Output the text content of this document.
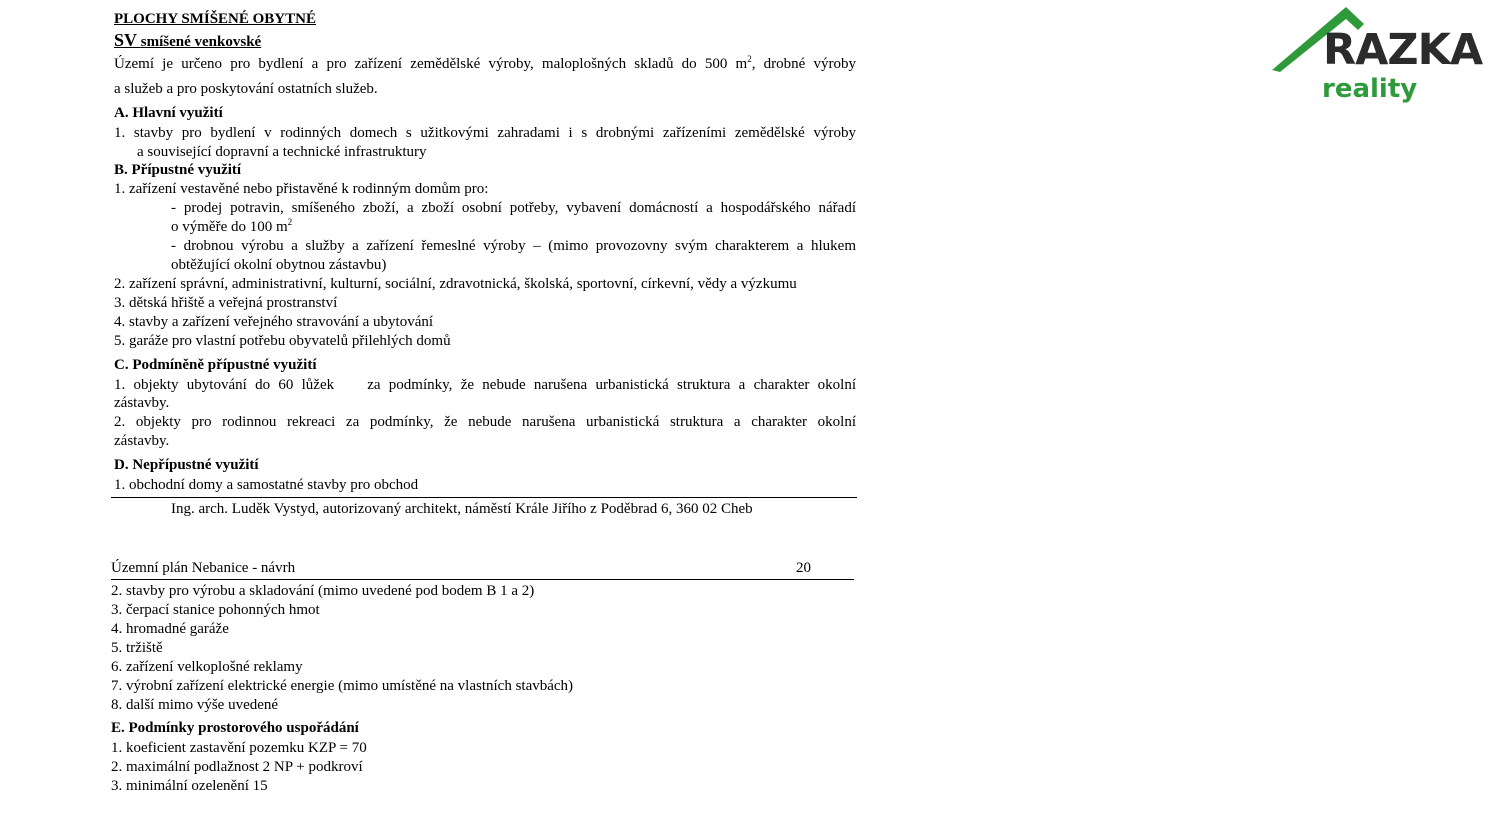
RAZKA
reality
PLOCHY SMÍŠENÉ OBYTNÉ
SV smíšené venkovské
Území je určeno pro bydlení a pro zařízení zemědělské výroby, maloplošných skladů do 500 $m^2$, drobné výroby
a služeb a pro poskytování ostatních služeb.
A. Hlavní využití
1. stavby pro bydlení v rodinných domech s užitkovými zahradami i s drobnými zařízeními zemědělské výroby
a související dopravní a technické infrastruktury
B. Přípustné využití
1. zařízení vestavěné nebo přistavěné k rodinným domům pro:
- prodej potravin, smíšeného zboží, a zboží osobní potřeby, vybavení domácností a hospodářského nářadí
o výměře do 100 $m^2$
- drobnou výrobu a služby a zařízení řemeslné výroby – (mimo provozovny svým charakterem a hlukem
obtěžující okolní obytnou zástavbu)
2. zařízení správní, administrativní, kulturní, sociální, zdravotnická, školská, sportovní, církevní, vědy a výzkumu
3. dětská hřiště a veřejná prostranství
4. stavby a zařízení veřejného stravování a ubytování
5. garáže pro vlastní potřebu obyvatelů přilehlých domů
C. Podmíněně přípustné využití
1. objekty ubytování do 60 lůžek    za podmínky, že nebude narušena urbanistická struktura a charakter okolní
zástavby.
2. objekty pro rodinnou rekreaci za podmínky, že nebude narušena urbanistická struktura a charakter okolní
zástavby.
D. Nepřípustné využití
1. obchodní domy a samostatné stavby pro obchod
Ing. arch. Luděk Vystyd, autorizovaný architekt, náměstí Krále Jiřího z Poděbrad 6, 360 02 Cheb
Územní plán Nebanice - návrh	20
2. stavby pro výrobu a skladování (mimo uvedené pod bodem B 1 a 2)
3. čerpací stanice pohonných hmot
4. hromadné garáže
5. tržiště
6. zařízení velkoplošné reklamy
7. výrobní zařízení elektrické energie (mimo umístěné na vlastních stavbách)
8. další mimo výše uvedené
E. Podmínky prostorového uspořádání
1. koeficient zastavění pozemku KZP = 70
2. maximální podlažnost 2 NP + podkroví
3. minimální ozelenění 15
